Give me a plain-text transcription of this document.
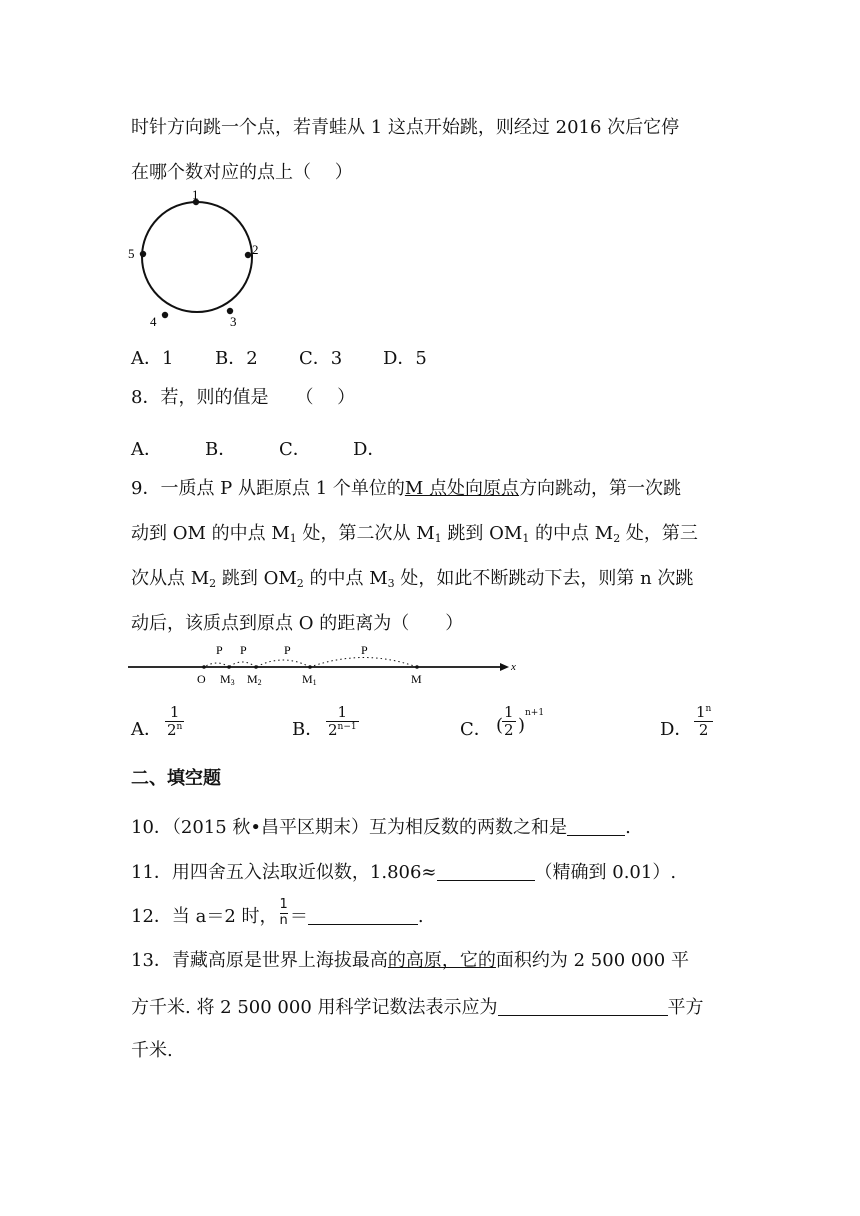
时针方向跳一个点，若青蛙从 1 这点开始跳，则经过 2016 次后它停
在哪个数对应的点上（　 ）
1
2
3
4
5
A．1 B．2 C．3 D．5
8．若，则的值是　　（　 ）
A． B． C． D．
9．一质点 P 从距原点 1 个单位的M 点处向原点方向跳动，第一次跳
动到 OM 的中点 $M_1$ 处，第二次从 $M_1$ 跳到 $OM_1$ 的中点 $M_2$ 处，第三
次从点 $M_2$ 跳到 $OM_2$ 的中点 $M_3$ 处，如此不断跳动下去，则第 n 次跳
动后，该质点到原点 O 的距离为（　　）
x
P P	P	P
O M3 M2	M1	M
A． $\frac{1}{2^n}$	B． $\frac{1}{2^{n-1}}$	C． (
$\frac{1}{2}$ )
n+1
D． $\frac{1^n}{2}$
二、填空题
10．（2015 秋•昌平区期末）互为相反数的两数之和是	.
11．用四舍五入法取近似数，1.806≈	（精确到 0.01）.
12．当 a＝2 时， $\frac{1}{n}$ ＝	.
13．青藏高原是世界上海拔最高的高原，它的面积约为 2 500 000 平
方千米. 将 2 500 000 用科学记数法表示应为	平方
千米.
